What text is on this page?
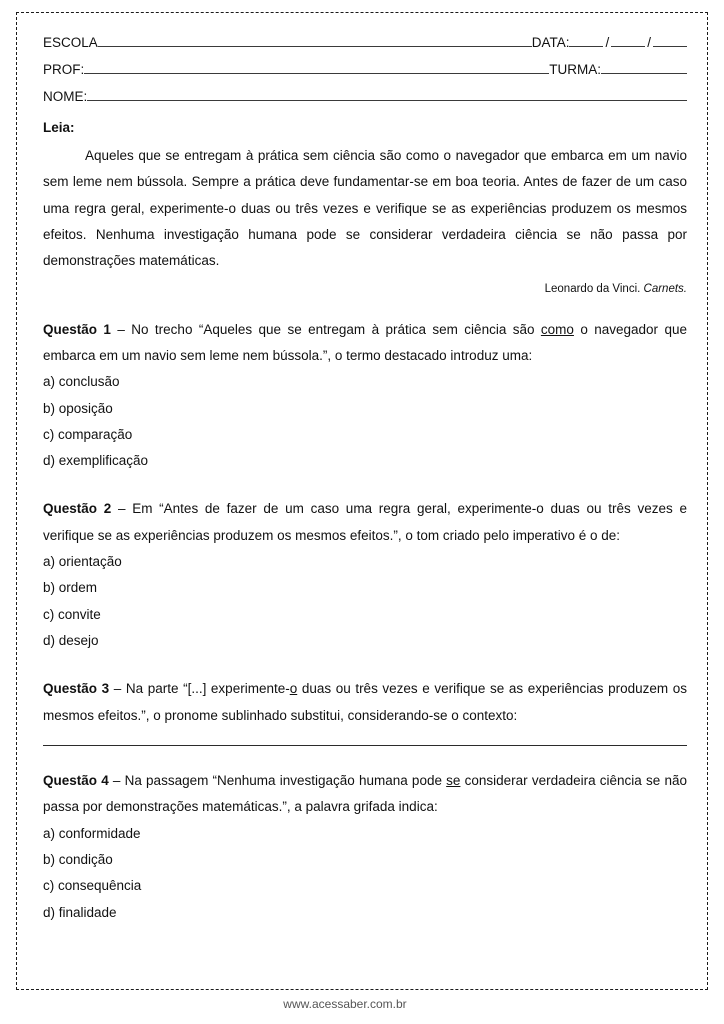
ESCOLA	DATA:	/	/
PROF:	TURMA:
NOME:
Leia:

Aqueles que se entregam à prática sem ciência são como o navegador que embarca em um navio sem leme nem bússola. Sempre a prática deve fundamentar-se em boa teoria. Antes de fazer de um caso uma regra geral, experimente-o duas ou três vezes e verifique se as experiências produzem os mesmos efeitos. Nenhuma investigação humana pode se considerar verdadeira ciência se não passa por demonstrações matemáticas.

Leonardo da Vinci. Carnets.

Questão 1 – No trecho “Aqueles que se entregam à prática sem ciência são como o navegador que embarca em um navio sem leme nem bússola.”, o termo destacado introduz uma:

a) conclusão
b) oposição
c) comparação
d) exemplificação

Questão 2 – Em “Antes de fazer de um caso uma regra geral, experimente-o duas ou três vezes e verifique se as experiências produzem os mesmos efeitos.”, o tom criado pelo imperativo é o de:

a) orientação
b) ordem
c) convite
d) desejo

Questão 3 – Na parte “[...] experimente-o duas ou três vezes e verifique se as experiências produzem os mesmos efeitos.”, o pronome sublinhado substitui, considerando-se o contexto:

Questão 4 – Na passagem “Nenhuma investigação humana pode se considerar verdadeira ciência se não passa por demonstrações matemáticas.”, a palavra grifada indica:

a) conformidade
b) condição
c) consequência
d) finalidade
www.acessaber.com.br
